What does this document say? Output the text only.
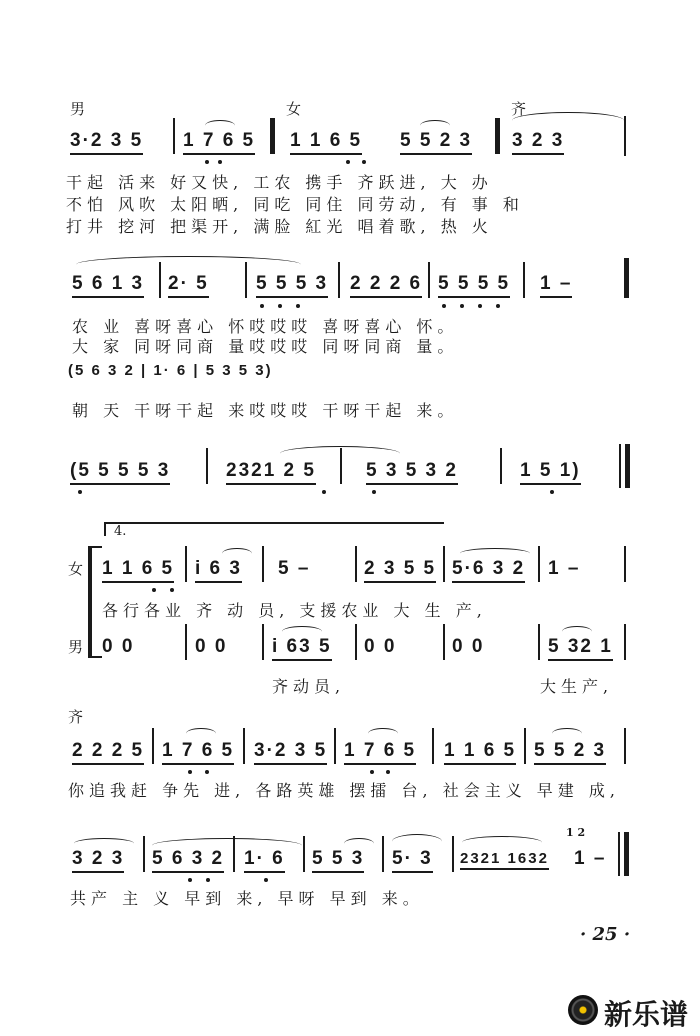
男	女	齐
3·2 3 5 1 7 6 5 1 1 6 5 5 5 2 3 3 2 3
干起 活来 好又快, 工农 携手 齐跃进, 大 办
不怕 风吹 太阳晒, 同吃 同住 同劳动, 有 事 和
打井 挖河 把渠开, 满脸 紅光 唱着歌, 热 火
5 6 1 3 2· 5 5 5 5 3 2 2 2 6 5 5 5 5 1 –
农 业 喜呀喜心 怀哎哎哎 喜呀喜心 怀。
大 家 同呀同商 量哎哎哎 同呀同商 量。
(5 6 3 2 | 1· 6 | 5 3 5 3)
朝 天 干呀干起 来哎哎哎 干呀干起 来。
(5 5 5 5 3	2321 2 5	5 3 5 3 2	1 5 1)
4.
女
男
1 1 6 5 i 6 3 5 –	2 3 5 5 5·6 3 2 1 –
各行各业 齐 动 员, 支援农业 大 生 产,
0 0	0 0 i 63 5 0 0	0 0	5 32 1
齐动员,	大生产,
齐
2 2 2 5 1 7 6 5 3·2 3 5 1 7 6 5 1 1 6 5 5 5 2 3
你追我赶 争先 进, 各路英雄 摆擂 台, 社会主义 早建 成,
3 2 3 5 6 3 2 1· 6 5 5 3 5· 3 2321 1632
1 2
1 –
共产 主 义 早到 来, 早呀 早到 来。
· 25 ·
新乐谱
